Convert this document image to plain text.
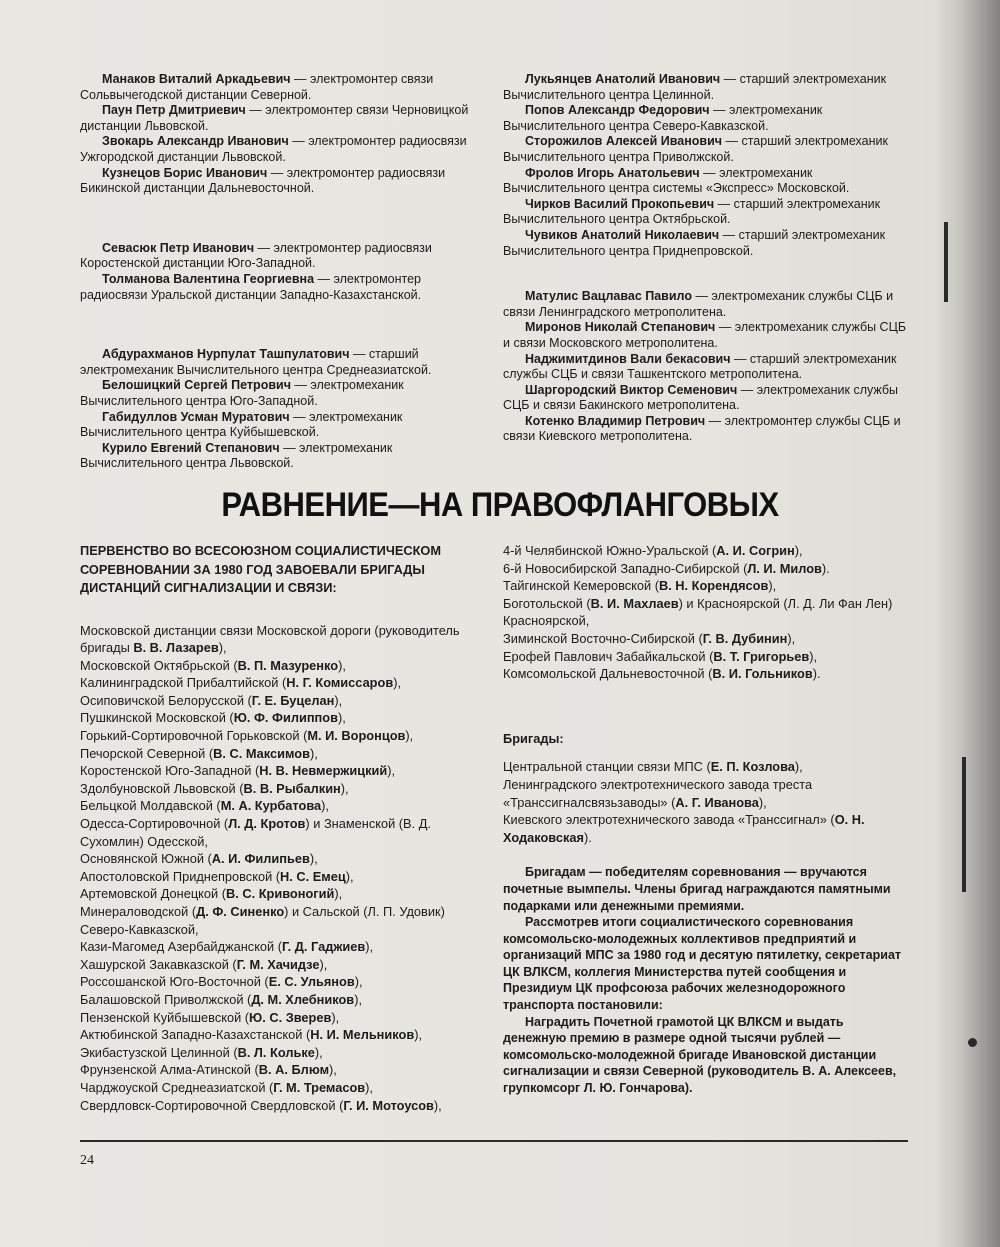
Манаков Виталий Аркадьевич — электромонтер связи Сольвычегодской дистанции Северной.

Паун Петр Дмитриевич — электромонтер связи Черновицкой дистанции Львовской.

Звокарь Александр Иванович — электромонтер радиосвязи Ужгородской дистанции Львовской.

Кузнецов Борис Иванович — электромонтер радиосвязи Бикинской дистанции Дальневосточной.

Севасюк Петр Иванович — электромонтер радиосвязи Коростенской дистанции Юго-Западной.

Толманова Валентина Георгиевна — электромонтер радиосвязи Уральской дистанции Западно-Казахстанской.

Абдурахманов Нурпулат Ташпулатович — старший электромеханик Вычислительного центра Среднеазиатской.

Белошицкий Сергей Петрович — электромеханик Вычислительного центра Юго-Западной.

Габидуллов Усман Муратович — электромеханик Вычислительного центра Куйбышевской.

Курило Евгений Степанович — электромеханик Вычислительного центра Львовской.

Лукьянцев Анатолий Иванович — старший электромеханик Вычислительного центра Целинной.

Попов Александр Федорович — электромеханик Вычислительного центра Северо-Кавказской.

Сторожилов Алексей Иванович — старший электромеханик Вычислительного центра Приволжской.

Фролов Игорь Анатольевич — электромеханик Вычислительного центра системы «Экспресс» Московской.

Чирков Василий Прокопьевич — старший электромеханик Вычислительного центра Октябрьской.

Чувиков Анатолий Николаевич — старший электромеханик Вычислительного центра Приднепровской.

Матулис Вацлавас Павило — электромеханик службы СЦБ и связи Ленинградского метрополитена.

Миронов Николай Степанович — электромеханик службы СЦБ и связи Московского метрополитена.

Наджимитдинов Вали бекасович — старший электромеханик службы СЦБ и связи Ташкентского метрополитена.

Шаргородский Виктор Семенович — электромеханик службы СЦБ и связи Бакинского метрополитена.

Котенко Владимир Петрович — электромонтер службы СЦБ и связи Киевского метрополитена.

РАВНЕНИЕ—НА ПРАВОФЛАНГОВЫХ

ПЕРВЕНСТВО ВО ВСЕСОЮЗНОМ СОЦИАЛИСТИЧЕСКОМ СОРЕВНОВАНИИ ЗА 1980 ГОД ЗАВОЕВАЛИ БРИГАДЫ ДИСТАНЦИЙ СИГНАЛИЗАЦИИ И СВЯЗИ:

Московской дистанции связи Московской дороги (руководитель бригады В. В. Лазарев),

Московской Октябрьской (В. П. Мазуренко),

Калининградской Прибалтийской (Н. Г. Комиссаров),

Осиповичской Белорусской (Г. Е. Буцелан),

Пушкинской Московской (Ю. Ф. Филиппов),

Горький-Сортировочной Горьковской (М. И. Воронцов),

Печорской Северной (В. С. Максимов),

Коростенской Юго-Западной (Н. В. Невмержицкий),

Здолбуновской Львовской (В. В. Рыбалкин),

Бельцкой Молдавской (М. А. Курбатова),

Одесса-Сортировочной (Л. Д. Кротов) и Знаменской (В. Д. Сухомлин) Одесской,

Основянской Южной (А. И. Филипьев),

Апостоловской Приднепровской (Н. С. Емец),

Артемовской Донецкой (В. С. Кривоногий),

Минераловодской (Д. Ф. Синенко) и Сальской (Л. П. Удовик) Северо-Кавказской,

Кази-Магомед Азербайджанской (Г. Д. Гаджиев),

Хашурской Закавказской (Г. М. Хачидзе),

Россошанской Юго-Восточной (Е. С. Ульянов),

Балашовской Приволжской (Д. М. Хлебников),

Пензенской Куйбышевской (Ю. С. Зверев),

Актюбинской Западно-Казахстанской (Н. И. Мельников),

Экибастузской Целинной (В. Л. Кольке),

Фрунзенской Алма-Атинской (В. А. Блюм),

Чарджоуской Среднеазиатской (Г. М. Тремасов),

Свердловск-Сортировочной Свердловской (Г. И. Мотоусов),

4-й Челябинской Южно-Уральской (А. И. Согрин),

6-й Новосибирской Западно-Сибирской (Л. И. Милов).

Тайгинской Кемеровской (В. Н. Корендясов),

Боготольской (В. И. Махлаев) и Красноярской (Л. Д. Ли Фан Лен) Красноярской,

Зиминской Восточно-Сибирской (Г. В. Дубинин),

Ерофей Павлович Забайкальской (В. Т. Григорьев),

Комсомольской Дальневосточной (В. И. Гольников).

Бригады:

Центральной станции связи МПС (Е. П. Козлова),

Ленинградского электротехнического завода треста «Транссигналсвязьзаводы» (А. Г. Иванова),

Киевского электротехнического завода «Транссигнал» (О. Н. Ходаковская).

Бригадам — победителям соревнования — вручаются почетные вымпелы. Члены бригад награждаются памятными подарками или денежными премиями.

Рассмотрев итоги социалистического соревнования комсомольско-молодежных коллективов предприятий и организаций МПС за 1980 год и десятую пятилетку, секретариат ЦК ВЛКСМ, коллегия Министерства путей сообщения и Президиум ЦК профсоюза рабочих железнодорожного транспорта постановили:

Наградить Почетной грамотой ЦК ВЛКСМ и выдать денежную премию в размере одной тысячи рублей — комсомольско-молодежной бригаде Ивановской дистанции сигнализации и связи Северной (руководитель В. А. Алексеев, групкомсорг Л. Ю. Гончарова).

24
